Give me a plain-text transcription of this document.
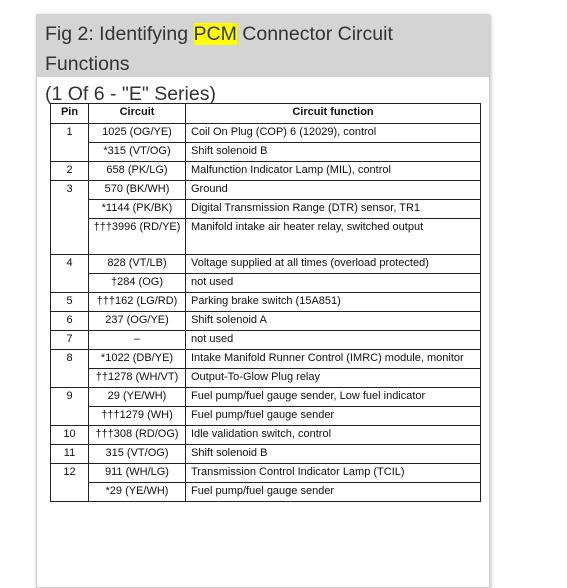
Fig 2: Identifying PCM Connector Circuit Functions
(1 Of 6 - "E" Series)
Pin	Circuit	Circuit function
1	1025 (OG/YE)	Coil On Plug (COP) 6 (12029), control
	*315 (VT/OG)	Shift solenoid B
2	658 (PK/LG)	Malfunction Indicator Lamp (MIL), control
3	570 (BK/WH)	Ground
	*1144 (PK/BK)	Digital Transmission Range (DTR) sensor, TR1
	†††3996 (RD/YE)	Manifold intake air heater relay, switched output
4	828 (VT/LB)	Voltage supplied at all times (overload protected)
	†284 (OG)	not used
5	†††162 (LG/RD)	Parking brake switch (15A851)
6	237 (OG/YE)	Shift solenoid A
7	–	not used
8	*1022 (DB/YE)	Intake Manifold Runner Control (IMRC) module, monitor
	††1278 (WH/VT)	Output-To-Glow Plug relay
9	29 (YE/WH)	Fuel pump/fuel gauge sender, Low fuel indicator
	†††1279 (WH)	Fuel pump/fuel gauge sender
10	†††308 (RD/OG)	Idle validation switch, control
11	315 (VT/OG)	Shift solenoid B
12	911 (WH/LG)	Transmission Control Indicator Lamp (TCIL)
	*29 (YE/WH)	Fuel pump/fuel gauge sender
